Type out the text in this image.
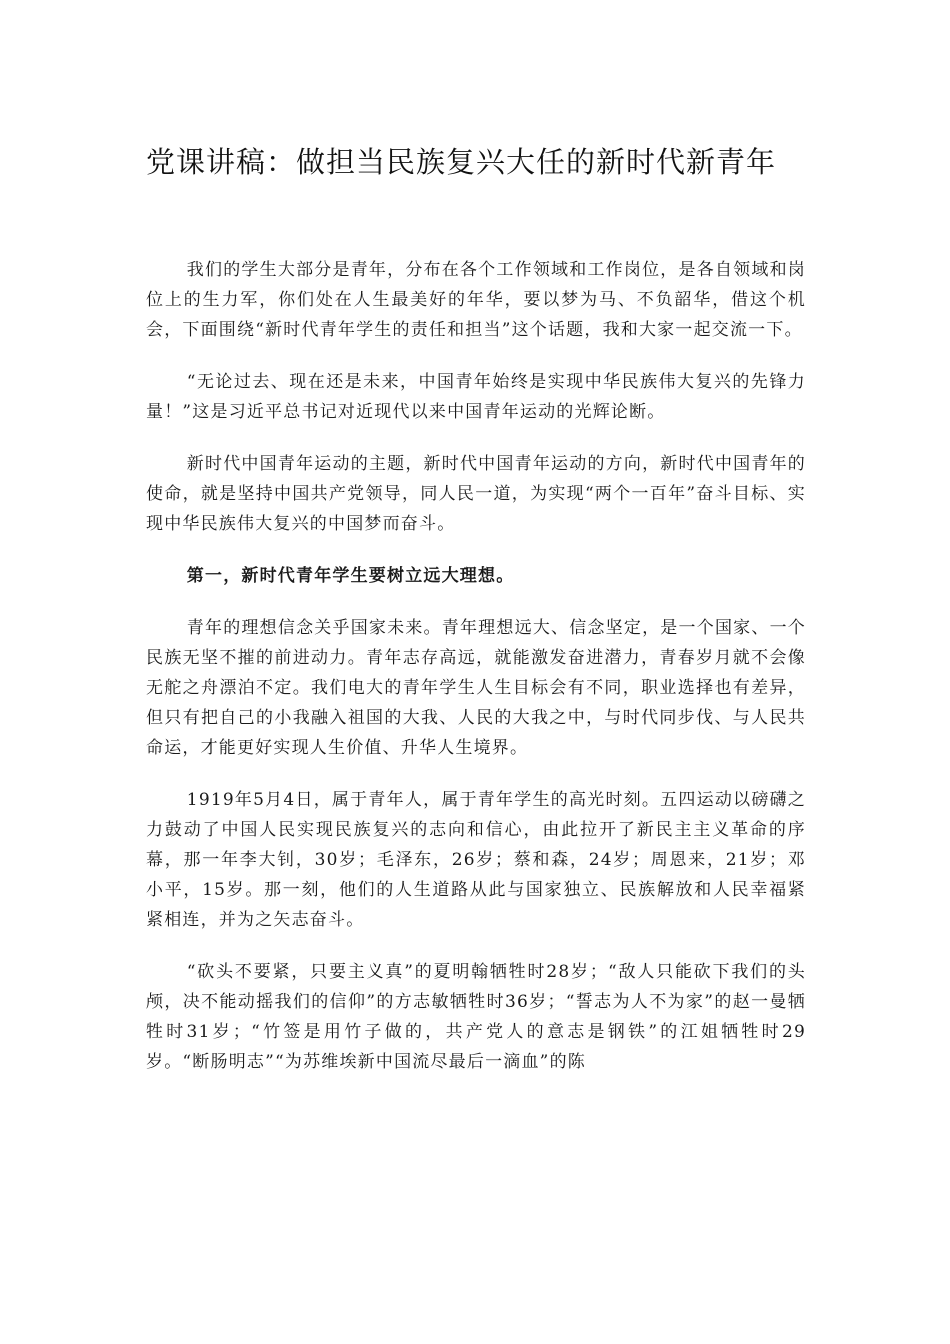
党课讲稿：做担当民族复兴大任的新时代新青年

我们的学生大部分是青年，分布在各个工作领域和工作岗位，是各自领域和岗位上的生力军，你们处在人生最美好的年华，要以梦为马、不负韶华，借这个机会，下面围绕“新时代青年学生的责任和担当”这个话题，我和大家一起交流一下。

“无论过去、现在还是未来，中国青年始终是实现中华民族伟大复兴的先锋力量！”这是习近平总书记对近现代以来中国青年运动的光辉论断。

新时代中国青年运动的主题，新时代中国青年运动的方向，新时代中国青年的使命，就是坚持中国共产党领导，同人民一道，为实现“两个一百年”奋斗目标、实现中华民族伟大复兴的中国梦而奋斗。

第一，新时代青年学生要树立远大理想。

青年的理想信念关乎国家未来。青年理想远大、信念坚定，是一个国家、一个民族无坚不摧的前进动力。青年志存高远，就能激发奋进潜力，青春岁月就不会像无舵之舟漂泊不定。我们电大的青年学生人生目标会有不同，职业选择也有差异，但只有把自己的小我融入祖国的大我、人民的大我之中，与时代同步伐、与人民共命运，才能更好实现人生价值、升华人生境界。

1919年5月4日，属于青年人，属于青年学生的高光时刻。五四运动以磅礴之力鼓动了中国人民实现民族复兴的志向和信心，由此拉开了新民主主义革命的序幕，那一年李大钊，30岁；毛泽东，26岁；蔡和森，24岁；周恩来，21岁；邓小平，15岁。那一刻，他们的人生道路从此与国家独立、民族解放和人民幸福紧紧相连，并为之矢志奋斗。

“砍头不要紧，只要主义真”的夏明翰牺牲时28岁；“敌人只能砍下我们的头颅，决不能动摇我们的信仰”的方志敏牺牲时36岁；“誓志为人不为家”的赵一曼牺牲时31岁；“竹签是用竹子做的，共产党人的意志是钢铁”的江姐牺牲时29岁。“断肠明志”“为苏维埃新中国流尽最后一滴血”的陈
